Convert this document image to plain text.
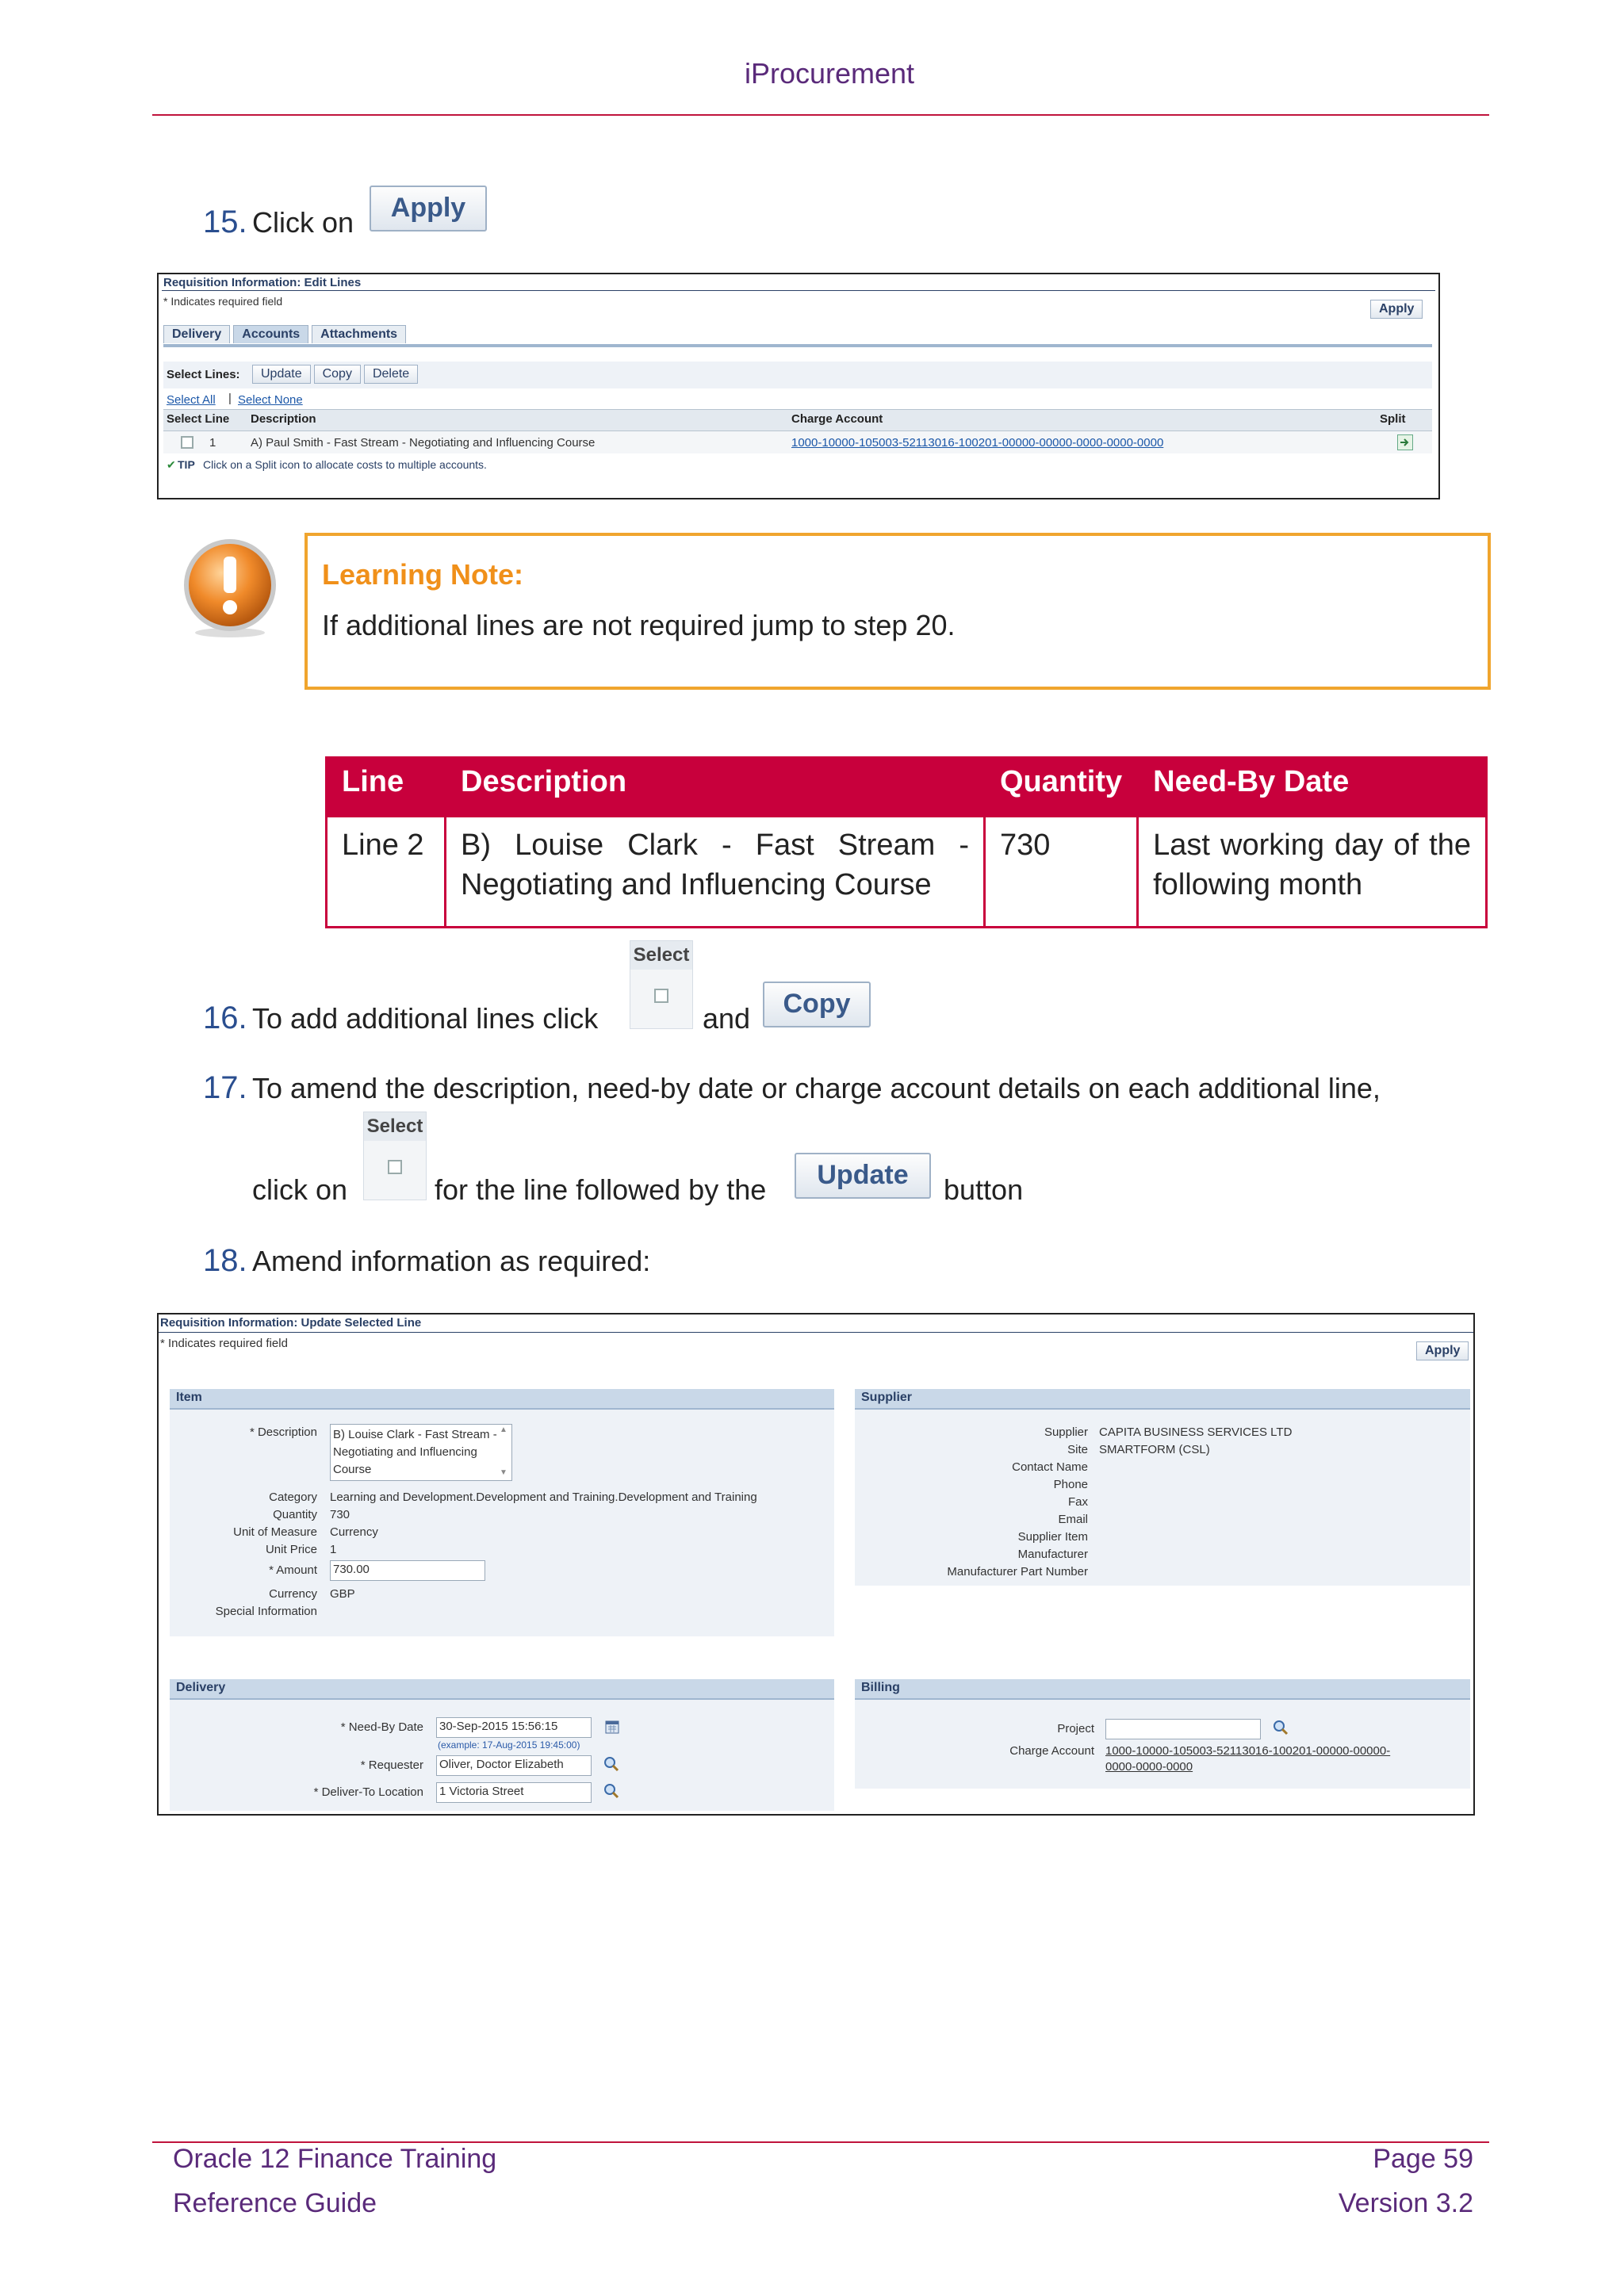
iProcurement
15. Click on	Apply
Requisition Information: Edit Lines
* Indicates required field
Apply
Delivery	Accounts	Attachments
Select Lines:	Update	Copy	Delete
Select All | Select None
Select Line Description	Charge Account	Split
1	A) Paul Smith - Fast Stream - Negotiating and Influencing Course	1000-10000-105003-52113016-100201-00000-00000-0000-0000-0000
✔ TIP Click on a Split icon to allocate costs to multiple accounts.
Learning Note:
If additional lines are not required jump to step 20.
Line	Description	Quantity	Need-By Date
Line 2	B) Louise Clark - Fast Stream - Negotiating and Influencing Course	730	Last working day of the following month
Select
16. To add additional lines click	and	Copy
17. To amend the description, need-by date or charge account details on each additional line,
Select
click on	for the line followed by the	Update	button
18. Amend information as required:
Requisition Information: Update Selected Line
* Indicates required field
Apply
Item
* Description B) Louise Clark - Fast Stream - Negotiating and Influencing Course
▲
▼
Category Learning and Development.Development and Training.Development and Training
Quantity 730
Unit of Measure Currency
Unit Price 1
* Amount 730.00
Currency GBP
Special Information
Supplier
Supplier CAPITA BUSINESS SERVICES LTD
Site SMARTFORM (CSL)
Contact Name
Phone
Fax
Email
Supplier Item
Manufacturer
Manufacturer Part Number
Delivery
* Need-By Date 30-Sep-2015 15:56:15
(example: 17-Aug-2015 19:45:00)
* Requester Oliver, Doctor Elizabeth
* Deliver-To Location 1 Victoria Street
Billing
Project
Charge Account 1000-10000-105003-52113016-100201-00000-00000-
0000-0000-0000
Oracle 12 Finance Training
Reference Guide
Page 59
Version 3.2
